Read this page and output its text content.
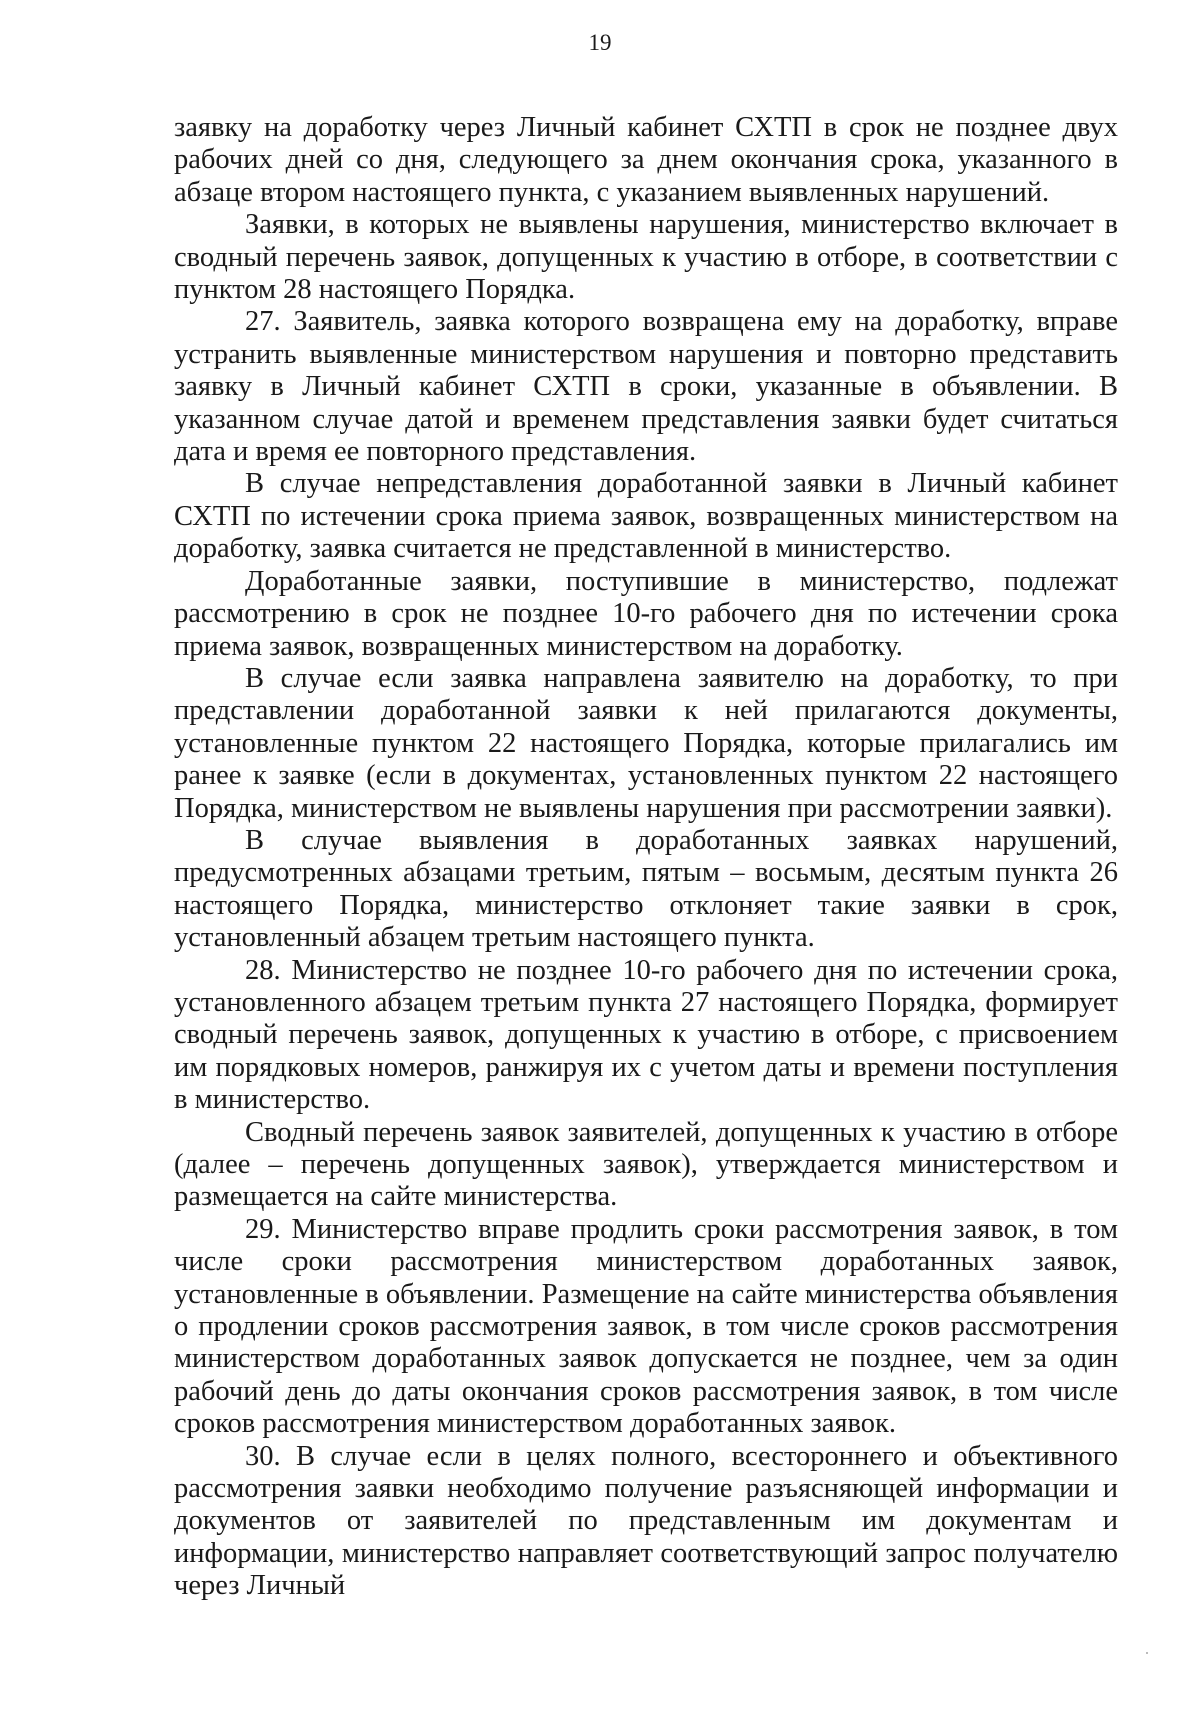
19

заявку на доработку через Личный кабинет СХТП в срок не позднее двух рабочих дней со дня, следующего за днем окончания срока, указанного в абзаце втором настоящего пункта, с указанием выявленных нарушений.

Заявки, в которых не выявлены нарушения, министерство включает в сводный перечень заявок, допущенных к участию в отборе, в соответствии с пунктом 28 настоящего Порядка.

27. Заявитель, заявка которого возвращена ему на доработку, вправе устранить выявленные министерством нарушения и повторно представить заявку в Личный кабинет СХТП в сроки, указанные в объявлении. В указанном случае датой и временем представления заявки будет считаться дата и время ее повторного представления.

В случае непредставления доработанной заявки в Личный кабинет СХТП по истечении срока приема заявок, возвращенных министерством на доработку, заявка считается не представленной в министерство.

Доработанные заявки, поступившие в министерство, подлежат рассмотрению в срок не позднее 10-го рабочего дня по истечении срока приема заявок, возвращенных министерством на доработку.

В случае если заявка направлена заявителю на доработку, то при представлении доработанной заявки к ней прилагаются документы, установленные пунктом 22 настоящего Порядка, которые прилагались им ранее к заявке (если в документах, установленных пунктом 22 настоящего Порядка, министерством не выявлены нарушения при рассмотрении заявки).

В случае выявления в доработанных заявках нарушений, предусмотренных абзацами третьим, пятым – восьмым, десятым пункта 26 настоящего Порядка, министерство отклоняет такие заявки в срок, установленный абзацем третьим настоящего пункта.

28. Министерство не позднее 10-го рабочего дня по истечении срока, установленного абзацем третьим пункта 27 настоящего Порядка, формирует сводный перечень заявок, допущенных к участию в отборе, с присвоением им порядковых номеров, ранжируя их с учетом даты и времени поступления в министерство.

Сводный перечень заявок заявителей, допущенных к участию в отборе (далее – перечень допущенных заявок), утверждается министерством и размещается на сайте министерства.

29. Министерство вправе продлить сроки рассмотрения заявок, в том числе сроки рассмотрения министерством доработанных заявок, установленные в объявлении. Размещение на сайте министерства объявления о продлении сроков рассмотрения заявок, в том числе сроков рассмотрения министерством доработанных заявок допускается не позднее, чем за один рабочий день до даты окончания сроков рассмотрения заявок, в том числе сроков рассмотрения министерством доработанных заявок.

30. В случае если в целях полного, всестороннего и объективного рассмотрения заявки необходимо получение разъясняющей информации и документов от заявителей по представленным им документам и информации, министерство направляет соответствующий запрос получателю через Личный
